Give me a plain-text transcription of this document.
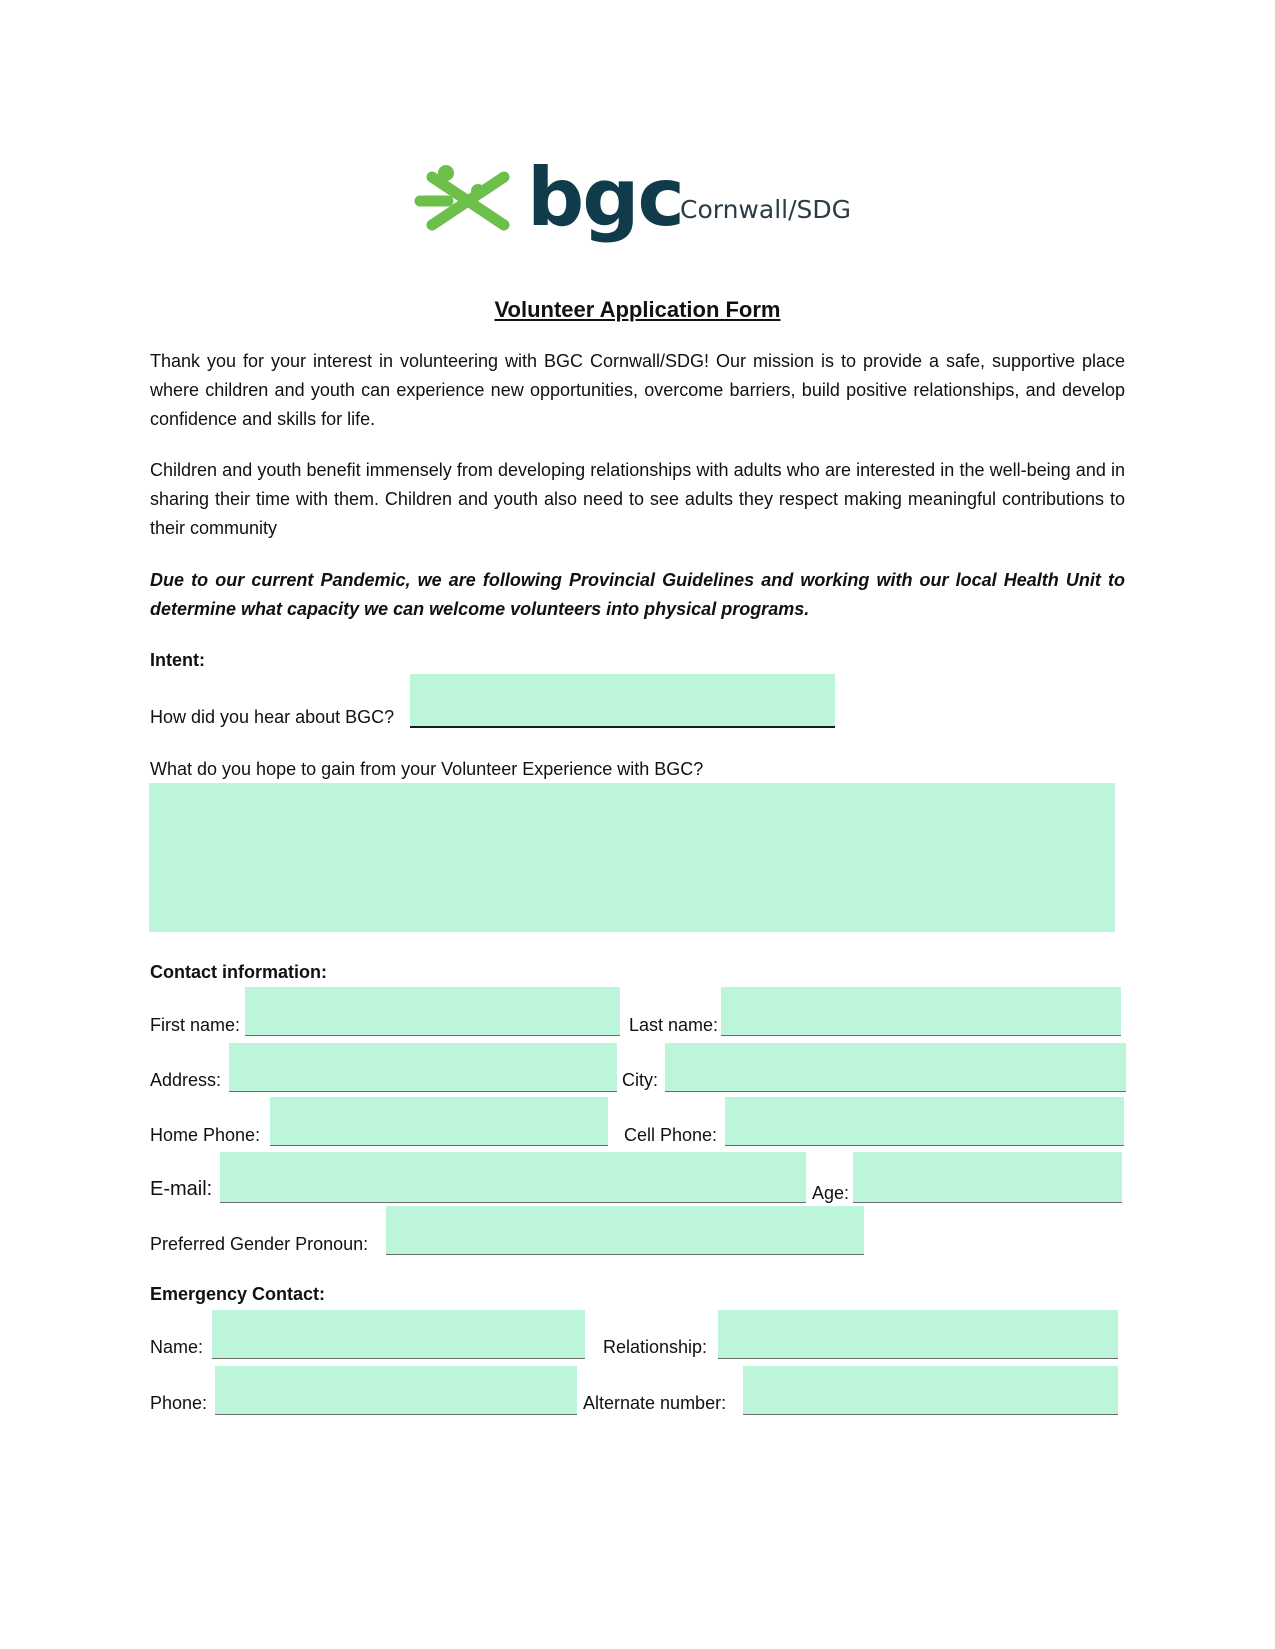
bgc
Cornwall/SDG
Volunteer Application Form
Thank you for your interest in volunteering with BGC Cornwall/SDG! Our mission is to provide a safe, supportive place where children and youth can experience new opportunities, overcome barriers, build positive relationships, and develop confidence and skills for life.
Children and youth benefit immensely from developing relationships with adults who are interested in the well-being and in sharing their time with them. Children and youth also need to see adults they respect making meaningful contributions to their community
Due to our current Pandemic, we are following Provincial Guidelines and working with our local Health Unit to determine what capacity we can welcome volunteers into physical programs.
Intent:
How did you hear about BGC?
What do you hope to gain from your Volunteer Experience with BGC?
Contact information:
First name:	Last name:
Address:	City:
Home Phone:	Cell Phone:
E-mail:	Age:
Preferred Gender Pronoun:
Emergency Contact:
Name:	Relationship:
Phone:	Alternate number:
